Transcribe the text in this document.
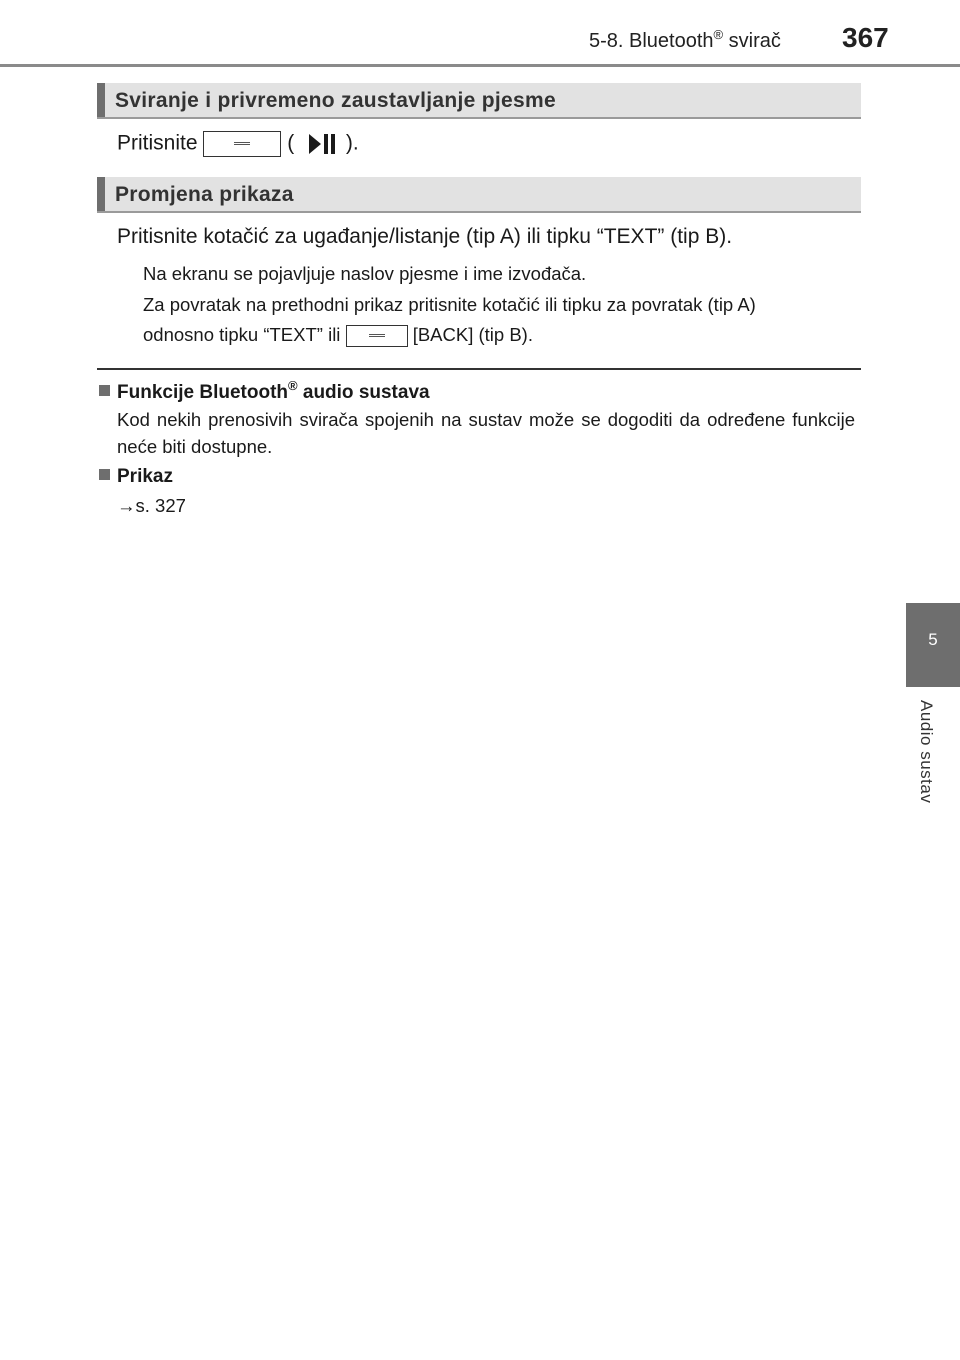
5-8. Bluetooth® svirač 367
5
Audio sustav
Sviranje i privremeno zaustavljanje pjesme
Pritisnite	(  ).
Promjena prikaza
Pritisnite kotačić za ugađanje/listanje (tip A) ili tipku “TEXT” (tip B).
Na ekranu se pojavljuje naslov pjesme i ime izvođača.
Za povratak na prethodni prikaz pritisnite kotačić ili tipku za povratak (tip A)
odnosno tipku “TEXT” ili	[BACK] (tip B).
Funkcije Bluetooth® audio sustava
Kod nekih prenosivih svirača spojenih na sustav može se dogoditi da određene funkcije neće biti dostupne.
Prikaz
→s. 327
